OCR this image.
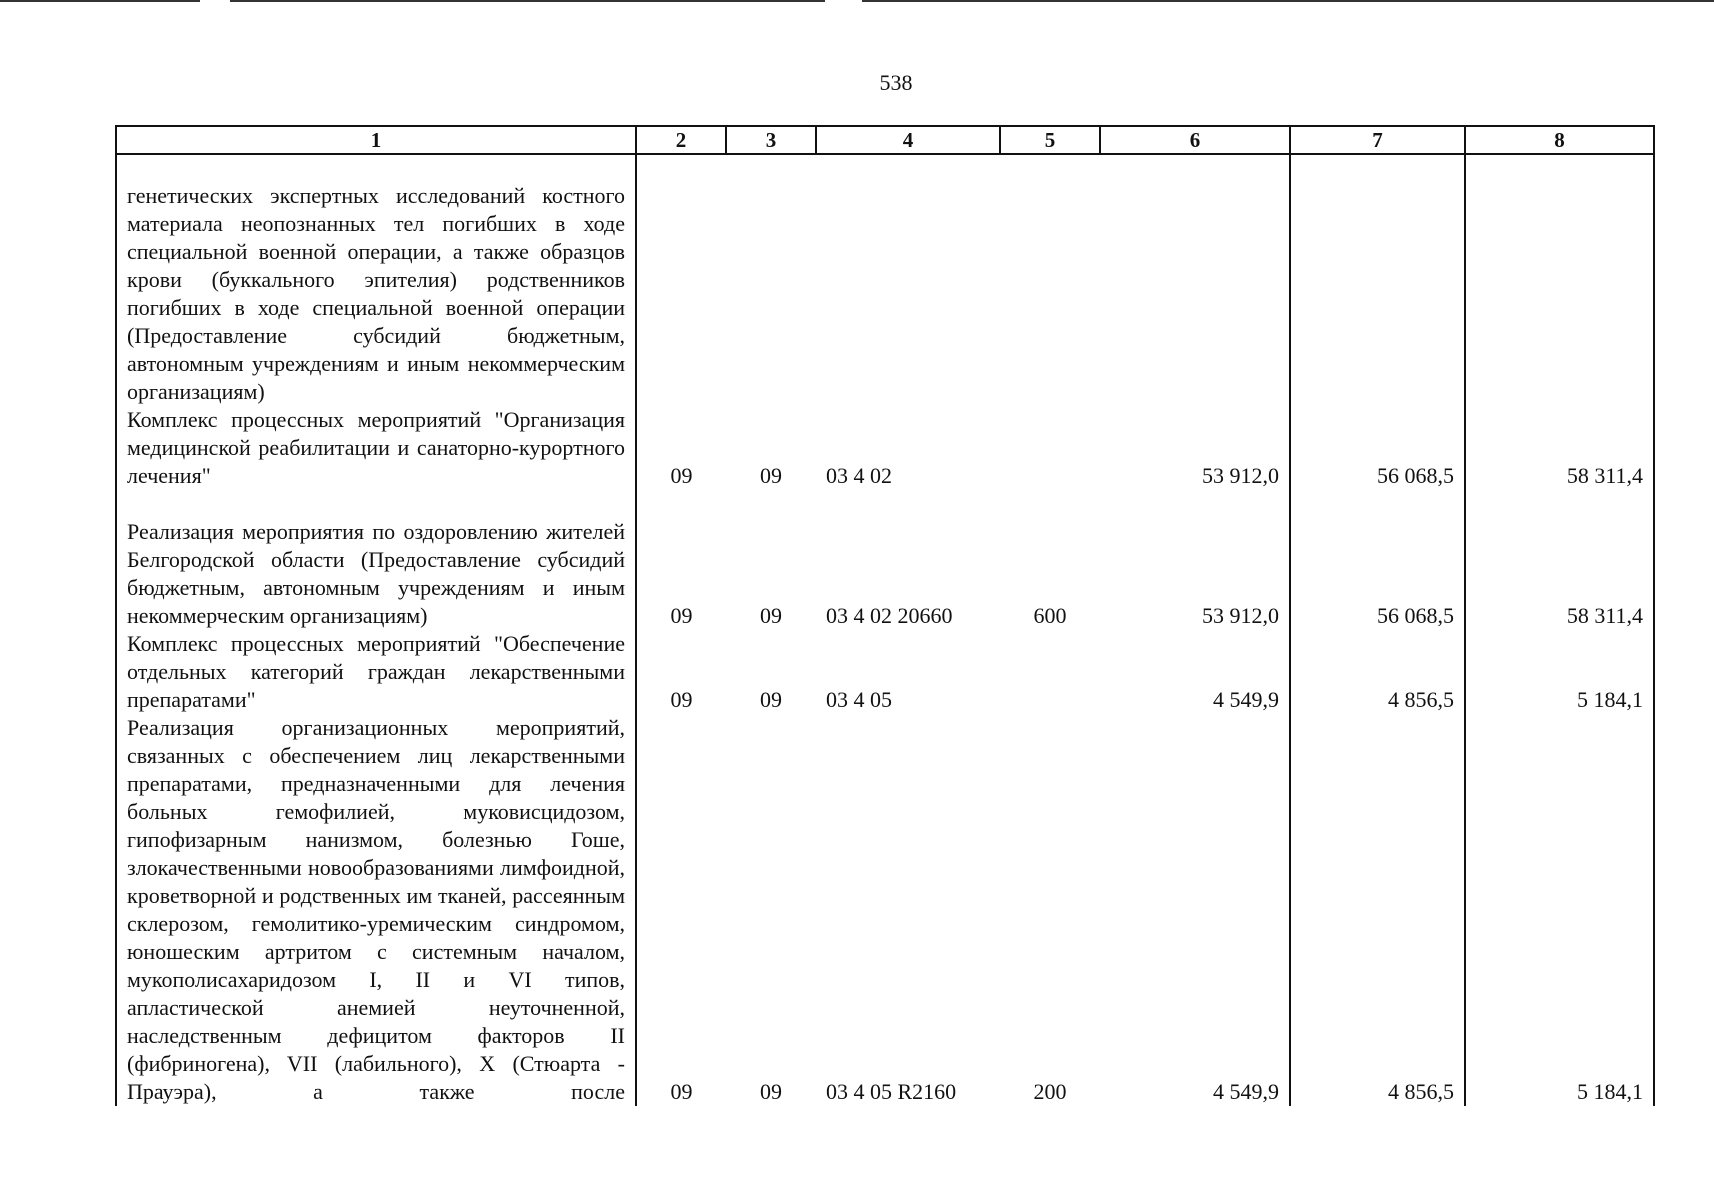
538
1	2	3	4	5	6	7	8
генетических экспертных исследований костного материала неопознанных тел погибших в ходе специальной военной операции, а также образцов крови (буккального эпителия) родственников погибших в ходе специальной военной операции (Предоставление субсидий бюджетным, автономным учреждениям и иным некоммерческим организациям)							
Комплекс процессных мероприятий "Организация медицинской реабилитации и санаторно-курортного лечения"	09	09	03 4 02		53 912,0	56 068,5	58 311,4
Реализация мероприятия по оздоровлению жителей Белгородской области (Предоставление субсидий бюджетным, автономным учреждениям и иным некоммерческим организациям)	09	09	03 4 02 20660	600	53 912,0	56 068,5	58 311,4
Комплекс процессных мероприятий "Обеспечение отдельных категорий граждан лекарственными препаратами"	09	09	03 4 05		4 549,9	4 856,5	5 184,1
Реализация организационных мероприятий, связанных с обеспечением лиц лекарственными препаратами, предназначенными для лечения больных гемофилией, муковисцидозом, гипофизарным нанизмом, болезнью Гоше, злокачественными новообразованиями лимфоидной, кроветворной и родственных им тканей, рассеянным склерозом, гемолитико-уремическим синдромом, юношеским артритом с системным началом, мукополисахаридозом I, II и VI типов, апластической анемией неуточненной, наследственным дефицитом факторов II (фибриногена), VII (лабильного), X (Стюарта - Прауэра), а также после	09	09	03 4 05 R2160	200	4 549,9	4 856,5	5 184,1
